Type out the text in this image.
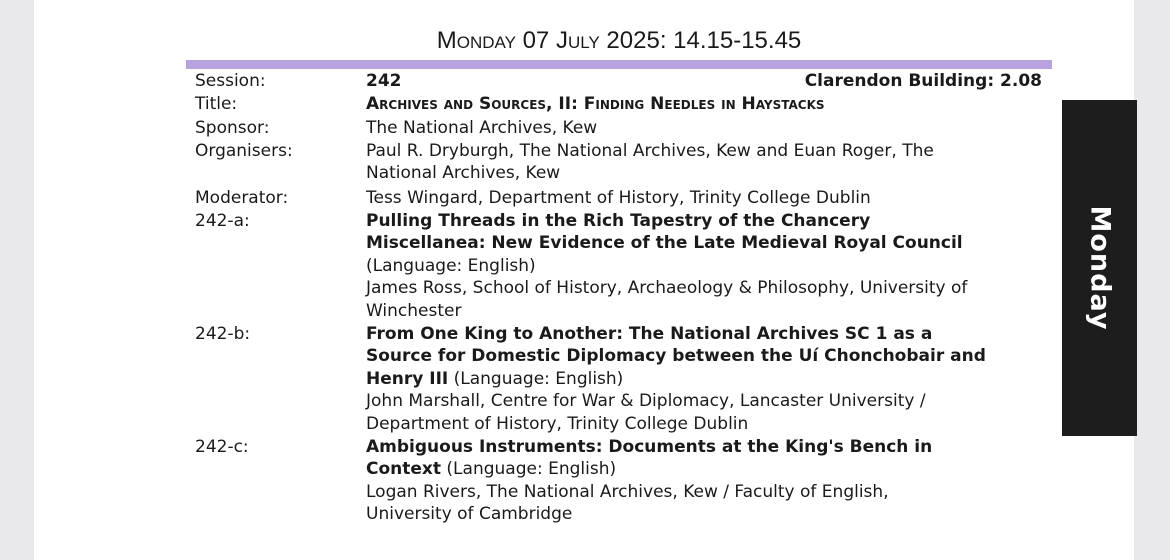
Monday 07 July 2025: 14.15-15.45
Session:	242	Clarendon Building: 2.08
Title:	Archives and Sources, II: Finding Needles in Haystacks
Sponsor:	The National Archives, Kew
Organisers:	Paul R. Dryburgh, The National Archives, Kew and Euan Roger, The
National Archives, Kew
Moderator:	Tess Wingard, Department of History, Trinity College Dublin
242-a:	Pulling Threads in the Rich Tapestry of the Chancery
Miscellanea: New Evidence of the Late Medieval Royal Council
(Language: English)
James Ross, School of History, Archaeology & Philosophy, University of
Winchester
242-b:	From One King to Another: The National Archives SC 1 as a
Source for Domestic Diplomacy between the Uí Chonchobair and
Henry III (Language: English)
John Marshall, Centre for War & Diplomacy, Lancaster University /
Department of History, Trinity College Dublin
242-c:	Ambiguous Instruments: Documents at the King's Bench in
Context (Language: English)
Logan Rivers, The National Archives, Kew / Faculty of English,
University of Cambridge
Monday
